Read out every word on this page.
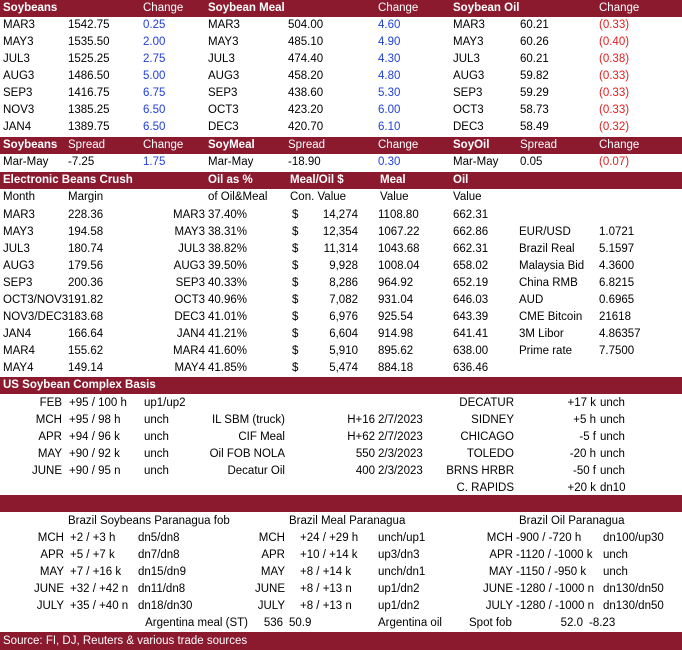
Soybeans	Change Soybean Meal	Change	Soybean Oil	Change
MAR3	1542.75	0.25	MAR3	504.00	4.60	MAR3	60.21	(0.33)
MAY3	1535.50	2.00	MAY3	485.10	4.90	MAY3	60.26	(0.40)
JUL3	1525.25	2.75	JUL3	474.40	4.30	JUL3	60.21	(0.38)
AUG3	1486.50	5.00	AUG3	458.20	4.80	AUG3	59.82	(0.33)
SEP3	1416.75	6.75	SEP3	438.60	5.30	SEP3	59.29	(0.33)
NOV3	1385.25	6.50	OCT3	423.20	6.00	OCT3	58.73	(0.33)
JAN4	1389.75	6.50	DEC3	420.70	6.10	DEC3	58.49	(0.32)
Soybeans Spread	Change SoyMeal	Spread	Change	SoyOil	Spread	Change
Mar-May -7.25	1.75	Mar-May	-18.90	0.30	Mar-May 0.05	(0.07)
Electronic Beans Crush	Oil as %	Meal/Oil $	Meal	Oil
Month	Margin	of Oil&Meal Con. Value	Value	Value
MAR3	228.36	MAR3 37.40%	$	14,274 1108.80	662.31
MAY3	194.58	MAY3 38.31%	$	12,354 1067.22	662.86	EUR/USD 1.0721
JUL3	180.74	JUL3 38.82%	$	11,314 1043.68	662.31	Brazil Real 5.1597
AUG3	179.56	AUG3 39.50%	$	9,928 1008.04	658.02	Malaysia Bid 4.3600
SEP3	200.36	SEP3 40.33%	$	8,286 964.92	652.19	China RMB 6.8215
OCT3/NOV3 191.82	OCT3 40.96%	$	7,082 931.04	646.03	AUD	0.6965
NOV3/DEC3 183.68	DEC3 41.01%	$	6,976 925.54	643.39	CME Bitcoin 21618
JAN4	166.64	JAN4 41.21%	$	6,604 914.98	641.41	3M Libor	4.86357
MAR4	155.62	MAR4 41.60%	$	5,910 895.62	638.00	Prime rate 7.7500
MAY4	149.14	MAY4 41.85%	$	5,474 884.18	636.46
US Soybean Complex Basis
FEB +95 / 100 h up1/up2	DECATUR	+17 k unch
MCH +95 / 98 h unch	IL SBM (truck)	H+16 2/7/2023	SIDNEY	+5 h unch
APR +94 / 96 k unch	CIF Meal	H+62 2/7/2023	CHICAGO	-5 f unch
MAY +90 / 92 k unch	Oil FOB NOLA	550 2/3/2023	TOLEDO	-20 h unch
JUNE +90 / 95 n unch	Decatur Oil	400 2/3/2023	BRNS HRBR	-50 f unch
C. RAPIDS	+20 k dn10
Brazil Soybeans Paranagua fob	Brazil Meal Paranagua	Brazil Oil Paranagua
MCH +2 / +3 h dn5/dn8	MCH +24 / +29 h unch/up1	MCH -900 / -720 h dn100/up30
APR +5 / +7 k dn7/dn8	APR +10 / +14 k up3/dn3	APR -1120 / -1000 k unch
MAY +7 / +16 k dn15/dn9	MAY +8 / +14 k unch/dn1	MAY -1150 / -950 k unch
JUNE +32 / +42 n dn11/dn8	JUNE +8 / +13 n up1/dn2	JUNE -1280 / -1000 n dn130/dn50
JULY +35 / +40 n dn18/dn30	JULY +8 / +13 n up1/dn2	JULY -1280 / -1000 n dn130/dn50
Argentina meal (ST)	536 50.9	Argentina oil Spot fob	52.0 -8.23
Source: FI, DJ, Reuters & various trade sources
